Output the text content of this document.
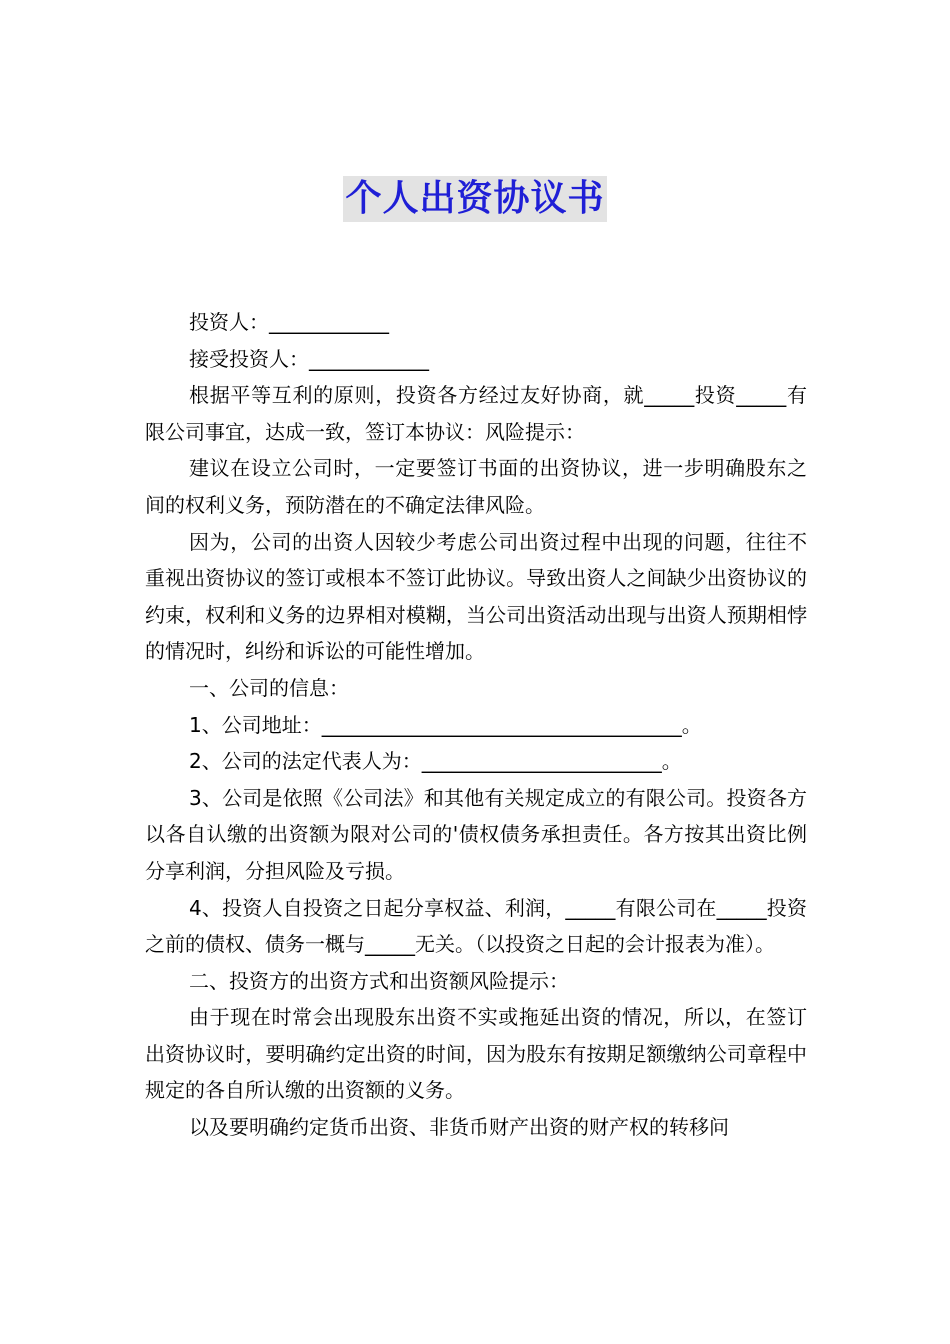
个人出资协议书

投资人：____________

接受投资人：____________

根据平等互利的原则，投资各方经过友好协商，就_____投资_____有限公司事宜，达成一致，签订本协议：风险提示：

建议在设立公司时，一定要签订书面的出资协议，进一步明确股东之间的权利义务，预防潜在的不确定法律风险。

因为，公司的出资人因较少考虑公司出资过程中出现的问题，往往不重视出资协议的签订或根本不签订此协议。导致出资人之间缺少出资协议的约束，权利和义务的边界相对模糊，当公司出资活动出现与出资人预期相悖的情况时，纠纷和诉讼的可能性增加。

一、公司的信息：

1、公司地址：____________________________________。

2、公司的法定代表人为：________________________。

3、公司是依照《公司法》和其他有关规定成立的有限公司。投资各方以各自认缴的出资额为限对公司的'债权债务承担责任。各方按其出资比例分享利润，分担风险及亏损。

4、投资人自投资之日起分享权益、利润，_____有限公司在_____投资之前的债权、债务一概与_____无关。（以投资之日起的会计报表为准）。

二、投资方的出资方式和出资额风险提示：

由于现在时常会出现股东出资不实或拖延出资的情况，所以，在签订出资协议时，要明确约定出资的时间，因为股东有按期足额缴纳公司章程中规定的各自所认缴的出资额的义务。

以及要明确约定货币出资、非货币财产出资的财产权的转移问
